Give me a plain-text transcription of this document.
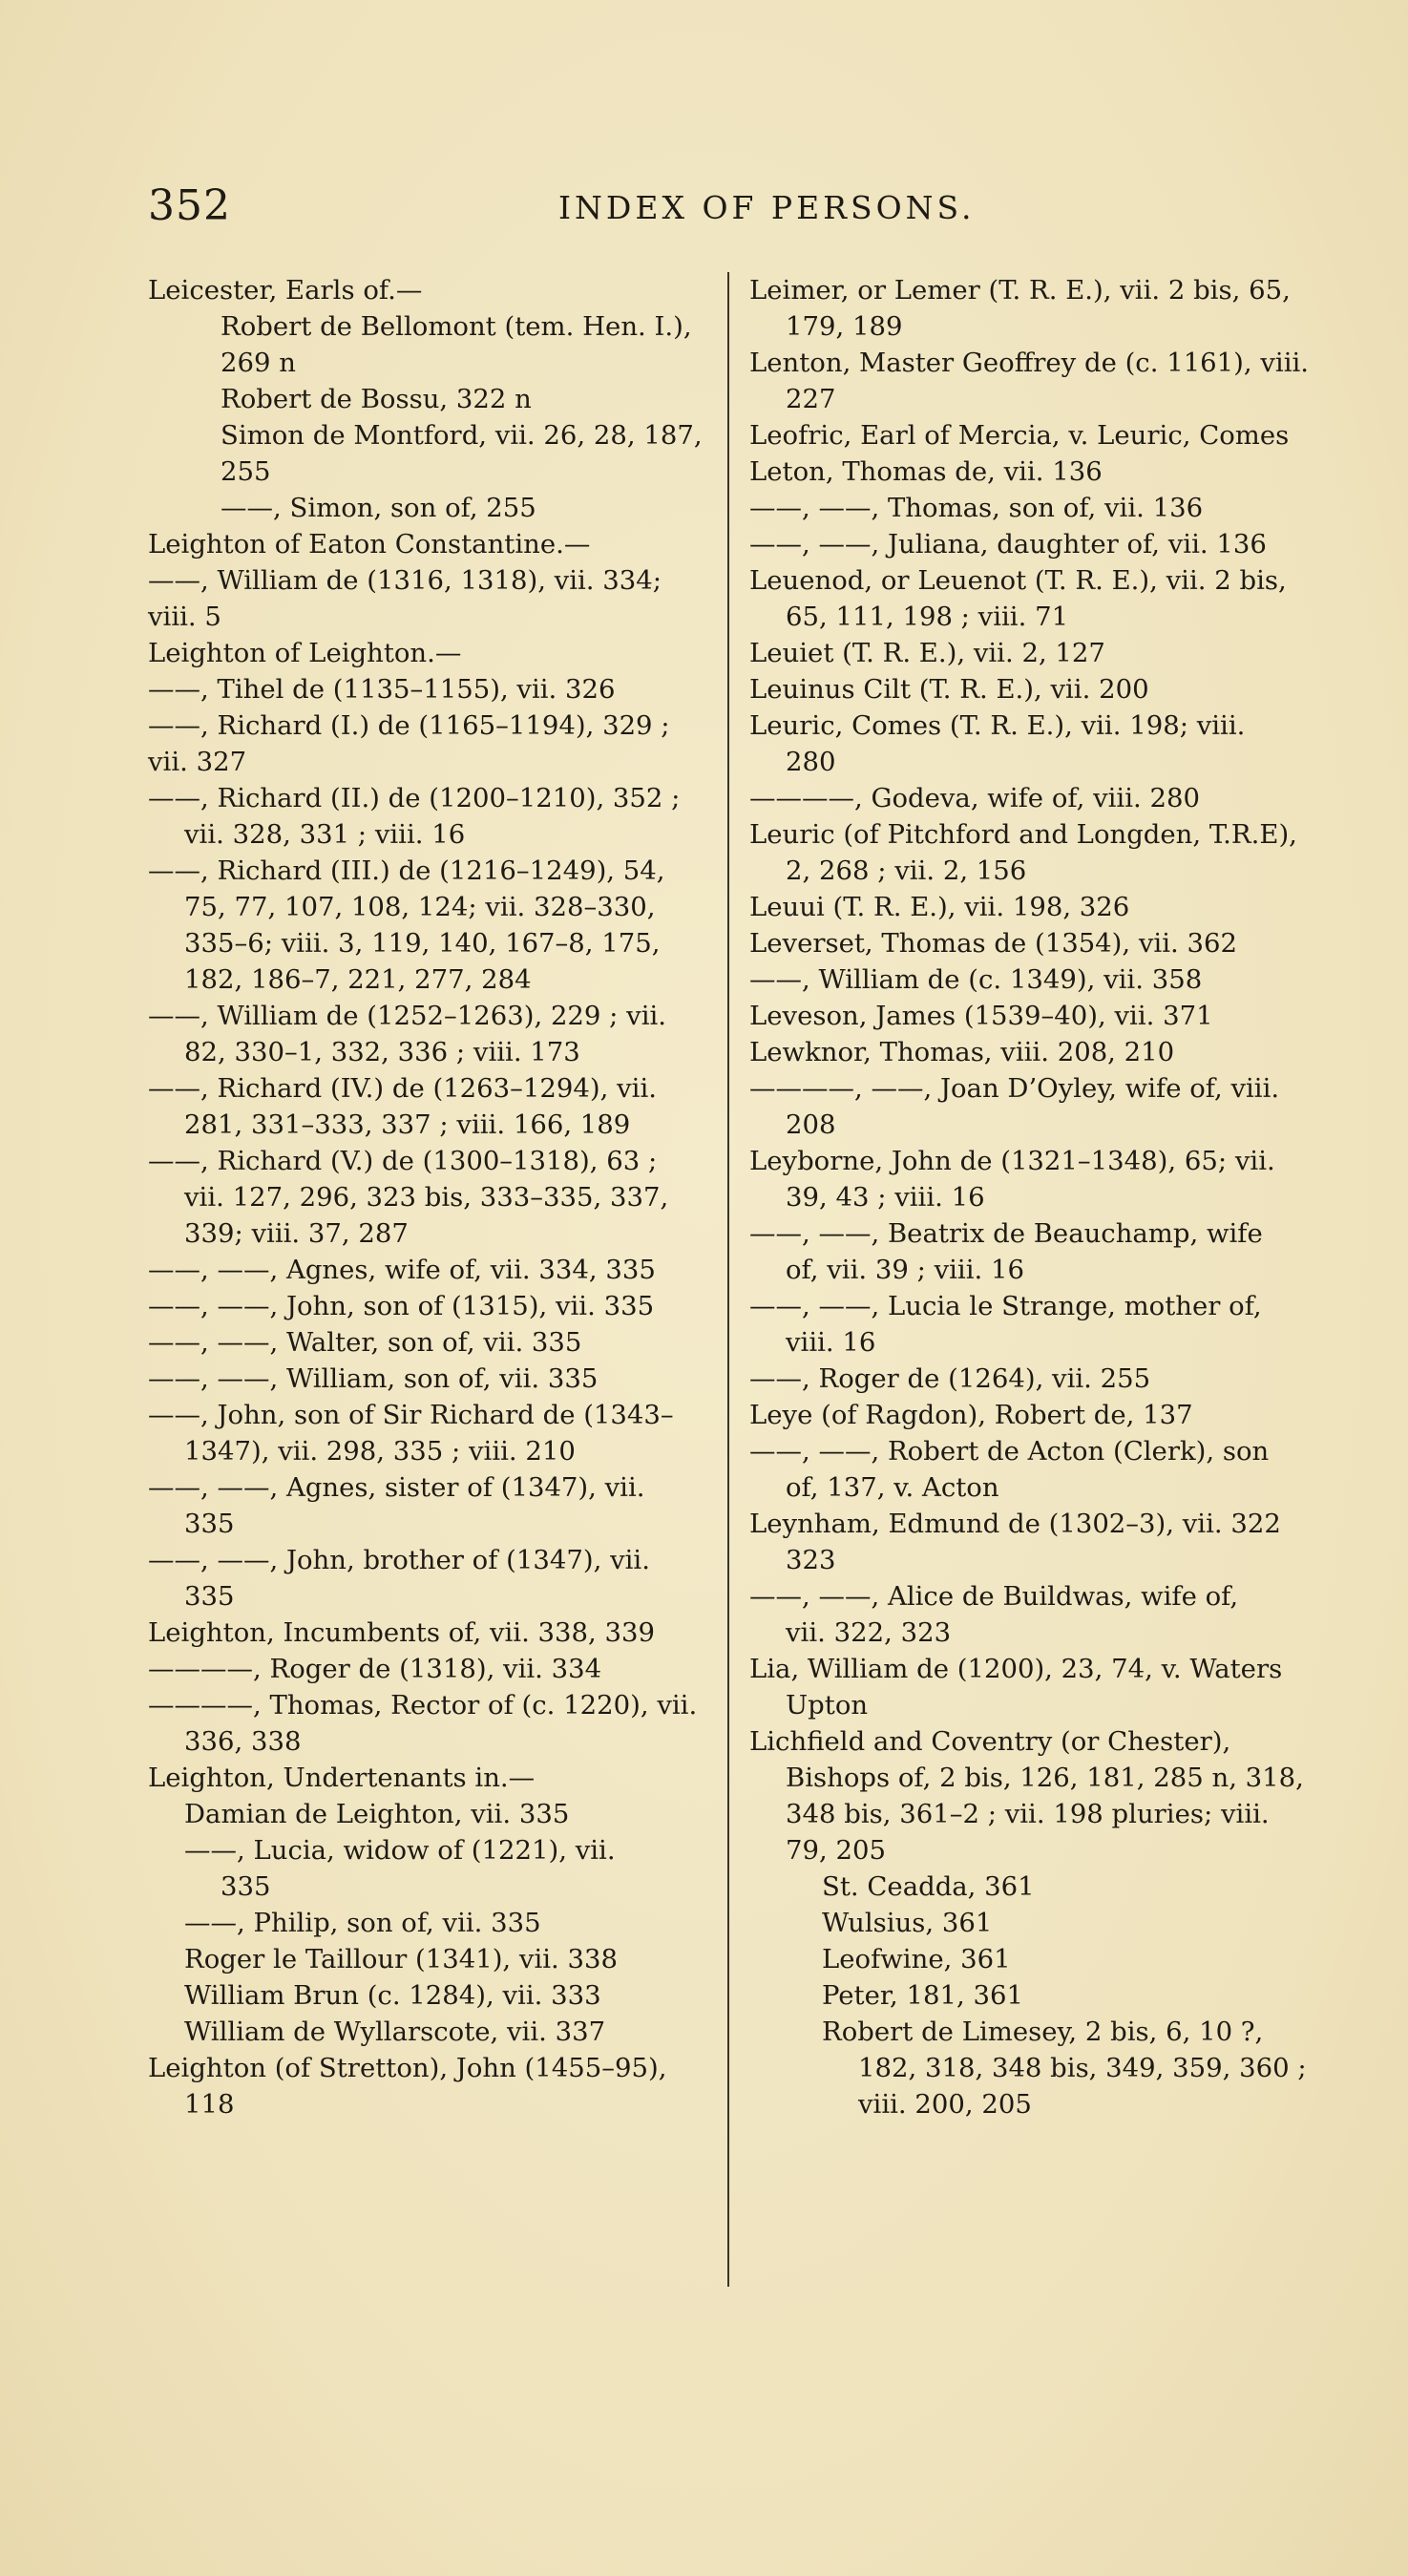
352	INDEX OF PERSONS.

Leicester, Earls of.—

Robert de Bellomont (tem. Hen. I.),

269 n

Robert de Bossu, 322 n

Simon de Montford, vii. 26, 28, 187,

255

——, Simon, son of, 255

Leighton of Eaton Constantine.—

——, William de (1316, 1318), vii. 334;

viii. 5

Leighton of Leighton.—

——, Tihel de (1135–1155), vii. 326

——, Richard (I.) de (1165–1194), 329 ;

vii. 327

——, Richard (II.) de (1200–1210), 352 ;

vii. 328, 331 ; viii. 16

——, Richard (III.) de (1216–1249), 54,

75, 77, 107, 108, 124; vii. 328–330,

335–6; viii. 3, 119, 140, 167–8, 175,

182, 186–7, 221, 277, 284

——, William de (1252–1263), 229 ; vii.

82, 330–1, 332, 336 ; viii. 173

——, Richard (IV.) de (1263–1294), vii.

281, 331–333, 337 ; viii. 166, 189

——, Richard (V.) de (1300–1318), 63 ;

vii. 127, 296, 323 bis, 333–335, 337,

339; viii. 37, 287

——, ——, Agnes, wife of, vii. 334, 335

——, ——, John, son of (1315), vii. 335

——, ——, Walter, son of, vii. 335

——, ——, William, son of, vii. 335

——, John, son of Sir Richard de (1343–

1347), vii. 298, 335 ; viii. 210

——, ——, Agnes, sister of (1347), vii.

335

——, ——, John, brother of (1347), vii.

335

Leighton, Incumbents of, vii. 338, 339

————, Roger de (1318), vii. 334

————, Thomas, Rector of (c. 1220), vii.

336, 338

Leighton, Undertenants in.—

Damian de Leighton, vii. 335

——, Lucia, widow of (1221), vii.

335

——, Philip, son of, vii. 335

Roger le Taillour (1341), vii. 338

William Brun (c. 1284), vii. 333

William de Wyllarscote, vii. 337

Leighton (of Stretton), John (1455–95),

118

Leimer, or Lemer (T. R. E.), vii. 2 bis, 65,

179, 189

Lenton, Master Geoffrey de (c. 1161), viii.

227

Leofric, Earl of Mercia, v. Leuric, Comes

Leton, Thomas de, vii. 136

——, ——, Thomas, son of, vii. 136

——, ——, Juliana, daughter of, vii. 136

Leuenod, or Leuenot (T. R. E.), vii. 2 bis,

65, 111, 198 ; viii. 71

Leuiet (T. R. E.), vii. 2, 127

Leuinus Cilt (T. R. E.), vii. 200

Leuric, Comes (T. R. E.), vii. 198; viii.

280

————, Godeva, wife of, viii. 280

Leuric (of Pitchford and Longden, T.R.E),

2, 268 ; vii. 2, 156

Leuui (T. R. E.), vii. 198, 326

Leverset, Thomas de (1354), vii. 362

——, William de (c. 1349), vii. 358

Leveson, James (1539–40), vii. 371

Lewknor, Thomas, viii. 208, 210

————, ——, Joan D’Oyley, wife of, viii.

208

Leyborne, John de (1321–1348), 65; vii.

39, 43 ; viii. 16

——, ——, Beatrix de Beauchamp, wife

of, vii. 39 ; viii. 16

——, ——, Lucia le Strange, mother of,

viii. 16

——, Roger de (1264), vii. 255

Leye (of Ragdon), Robert de, 137

——, ——, Robert de Acton (Clerk), son

of, 137, v. Acton

Leynham, Edmund de (1302–3), vii. 322

323

——, ——, Alice de Buildwas, wife of,

vii. 322, 323

Lia, William de (1200), 23, 74, v. Waters

Upton

Lichfield and Coventry (or Chester),

Bishops of, 2 bis, 126, 181, 285 n, 318,

348 bis, 361–2 ; vii. 198 pluries; viii.

79, 205

St. Ceadda, 361

Wulsius, 361

Leofwine, 361

Peter, 181, 361

Robert de Limesey, 2 bis, 6, 10 ?,

182, 318, 348 bis, 349, 359, 360 ;

viii. 200, 205
